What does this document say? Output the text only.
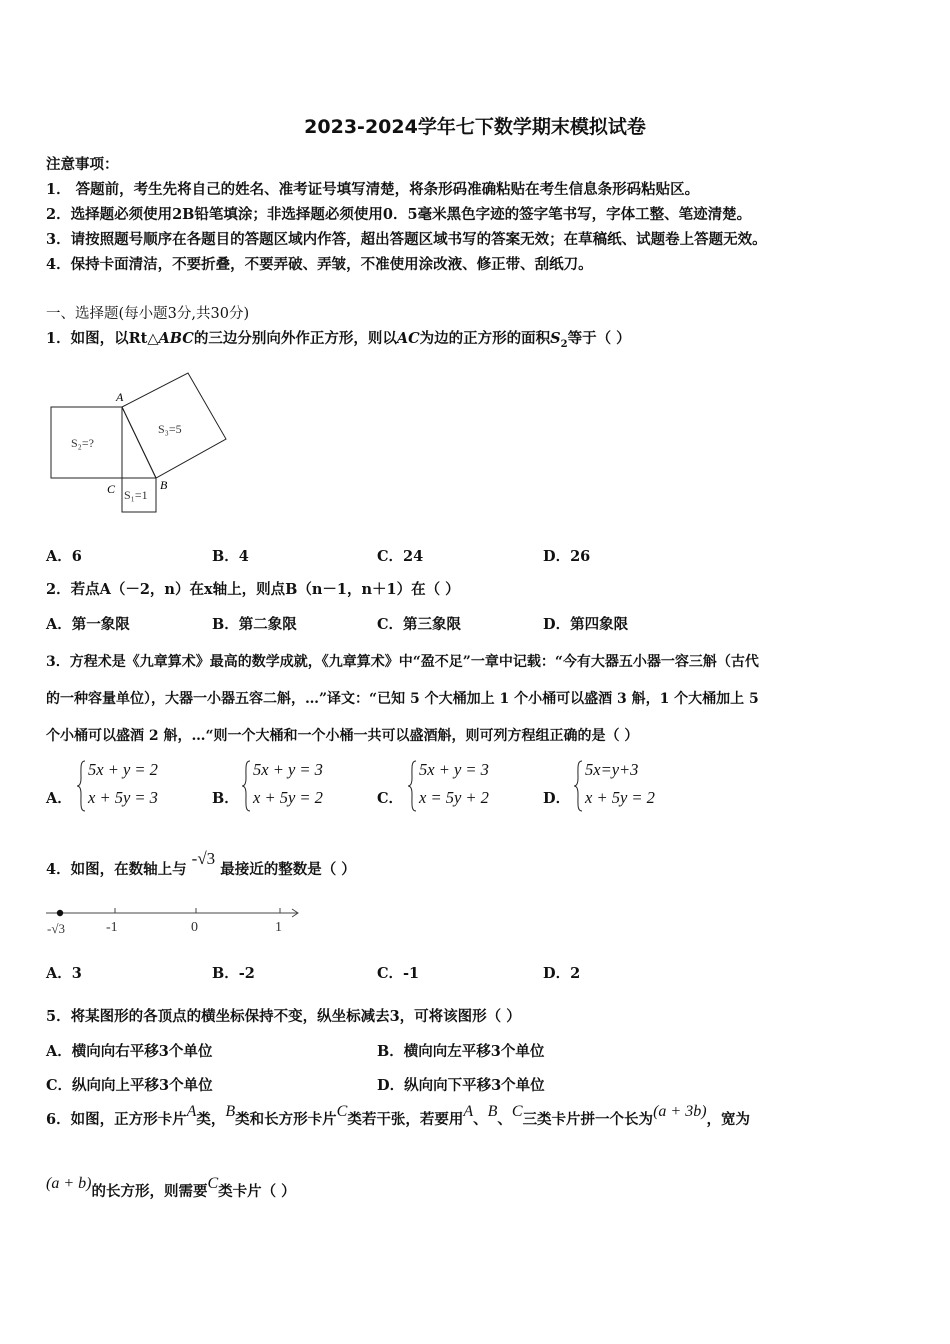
2023-2024学年七下数学期末模拟试卷
注意事项：
1． 答题前，考生先将自己的姓名、准考证号填写清楚，将条形码准确粘贴在考生信息条形码粘贴区。
2．选择题必须使用2B铅笔填涂；非选择题必须使用0．5毫米黑色字迹的签字笔书写，字体工整、笔迹清楚。
3．请按照题号顺序在各题目的答题区域内作答，超出答题区域书写的答案无效；在草稿纸、试题卷上答题无效。
4．保持卡面清洁，不要折叠，不要弄破、弄皱，不准使用涂改液、修正带、刮纸刀。
一、选择题(每小题3分,共30分)
1．如图，以Rt△ABC的三边分别向外作正方形，则以AC为边的正方形的面积$S_2$等于（ ）
A
B
C
S₂=?
S₃=5
S₁=1
A．6	B．4	C．24	D．26
2．若点A（－2，n）在x轴上，则点B（n－1，n＋1）在（ ）
A．第一象限	B．第二象限	C．第三象限	D．第四象限
3．方程术是《九章算术》最高的数学成就，《九章算术》中“盈不足”一章中记载：“今有大器五小器一容三斛（古代
的一种容量单位），大器一小器五容二斛，…”译文：“已知 5 个大桶加上 1 个小桶可以盛酒 3 斛，1 个大桶加上 5
个小桶可以盛酒 2 斛，…“则一个大桶和一个小桶一共可以盛酒斛，则可列方程组正确的是（ ）
A．
5x + y = 2
x + 5y = 3	B．
5x + y = 3
x + 5y = 2	C．
5x + y = 3
x = 5y + 2	D．
5x=y+3
x + 5y = 2
4．如图，在数轴上与 -√3 最接近的整数是（ ）
-√3	-1	0	1
A．3	B．-2	C．-1	D．2
5．将某图形的各顶点的横坐标保持不变，纵坐标减去3，可将该图形（ ）
A．横向向右平移3个单位	B．横向向左平移3个单位
C．纵向向上平移3个单位	D．纵向向下平移3个单位
6．如图，正方形卡片A类，B类和长方形卡片C类若干张，若要用A、B、C三类卡片拼一个长为(a + 3b)，宽为
(a + b)的长方形，则需要C类卡片（ ）
